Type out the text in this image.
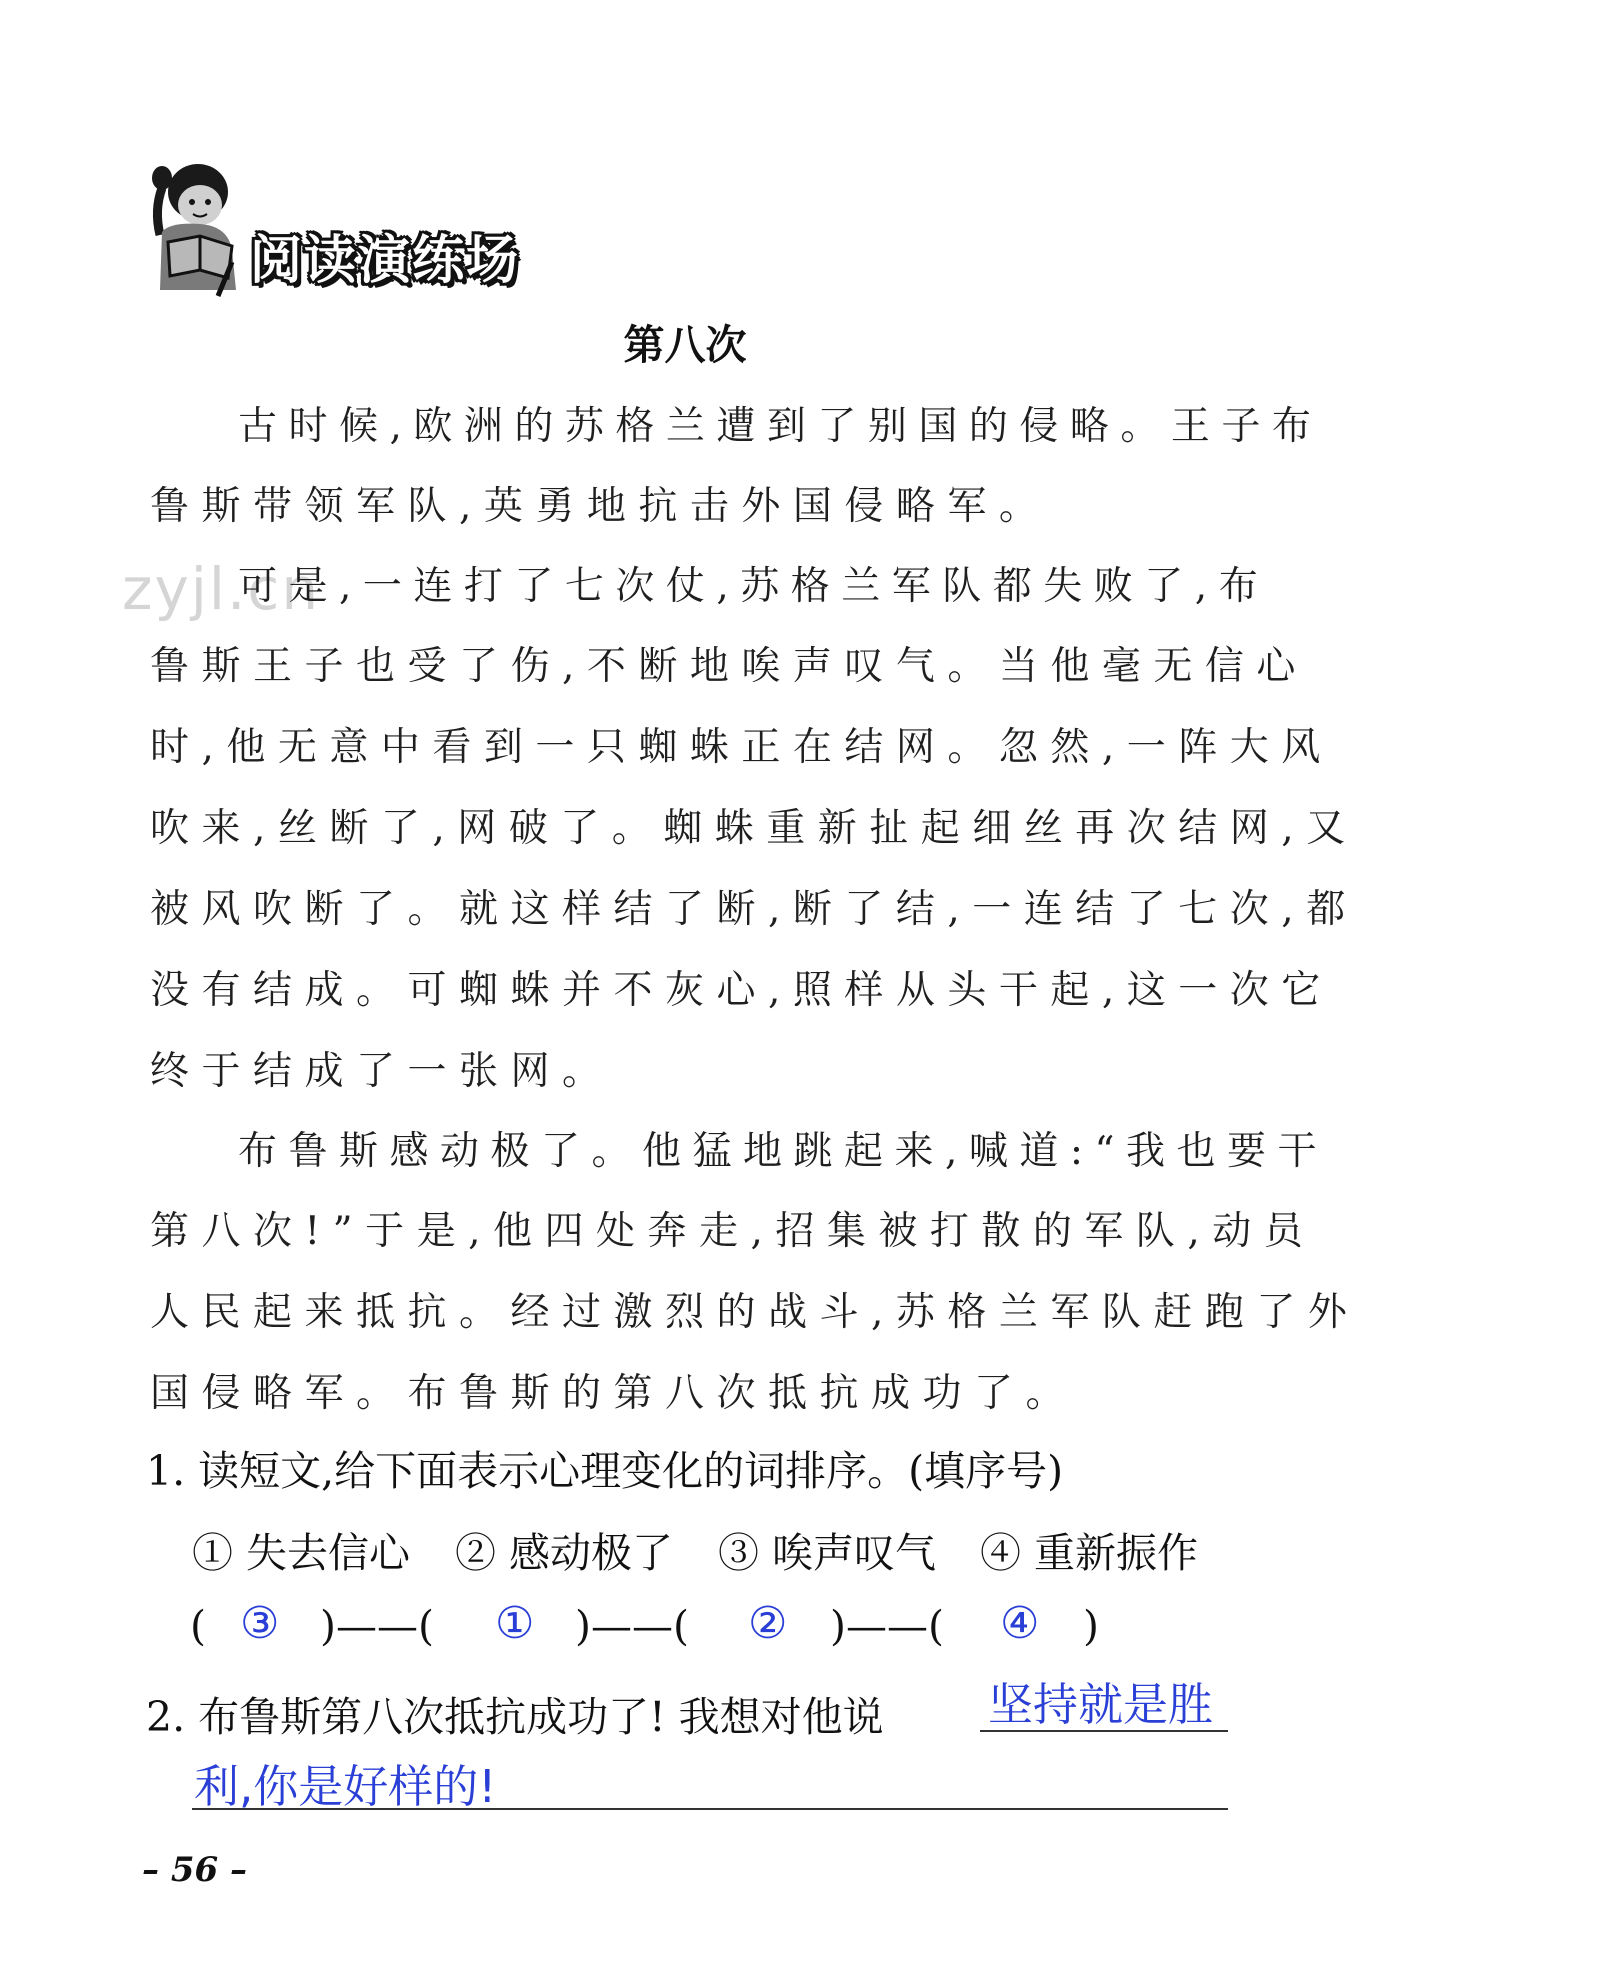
阅读演练场
第八次
zyjl.cn
古时候,欧洲的苏格兰遭到了别国的侵略。王子布
鲁斯带领军队,英勇地抗击外国侵略军。
可是,一连打了七次仗,苏格兰军队都失败了,布
鲁斯王子也受了伤,不断地唉声叹气。当他毫无信心
时,他无意中看到一只蜘蛛正在结网。忽然,一阵大风
吹来,丝断了,网破了。蜘蛛重新扯起细丝再次结网,又
被风吹断了。就这样结了断,断了结,一连结了七次,都
没有结成。可蜘蛛并不灰心,照样从头干起,这一次它
终于结成了一张网。
布鲁斯感动极了。他猛地跳起来,喊道:“我也要干
第八次!”于是,他四处奔走,招集被打散的军队,动员
人民起来抵抗。经过激烈的战斗,苏格兰军队赶跑了外
国侵略军。布鲁斯的第八次抵抗成功了。
1. 读短文,给下面表示心理变化的词排序。(填序号)
① 失去信心 ② 感动极了 ③ 唉声叹气 ④ 重新振作
( ③ )——( ① )——( ② )——( ④ )
2. 布鲁斯第八次抵抗成功了! 我想对他说 坚持就是胜
利,你是好样的!
– 56 –
